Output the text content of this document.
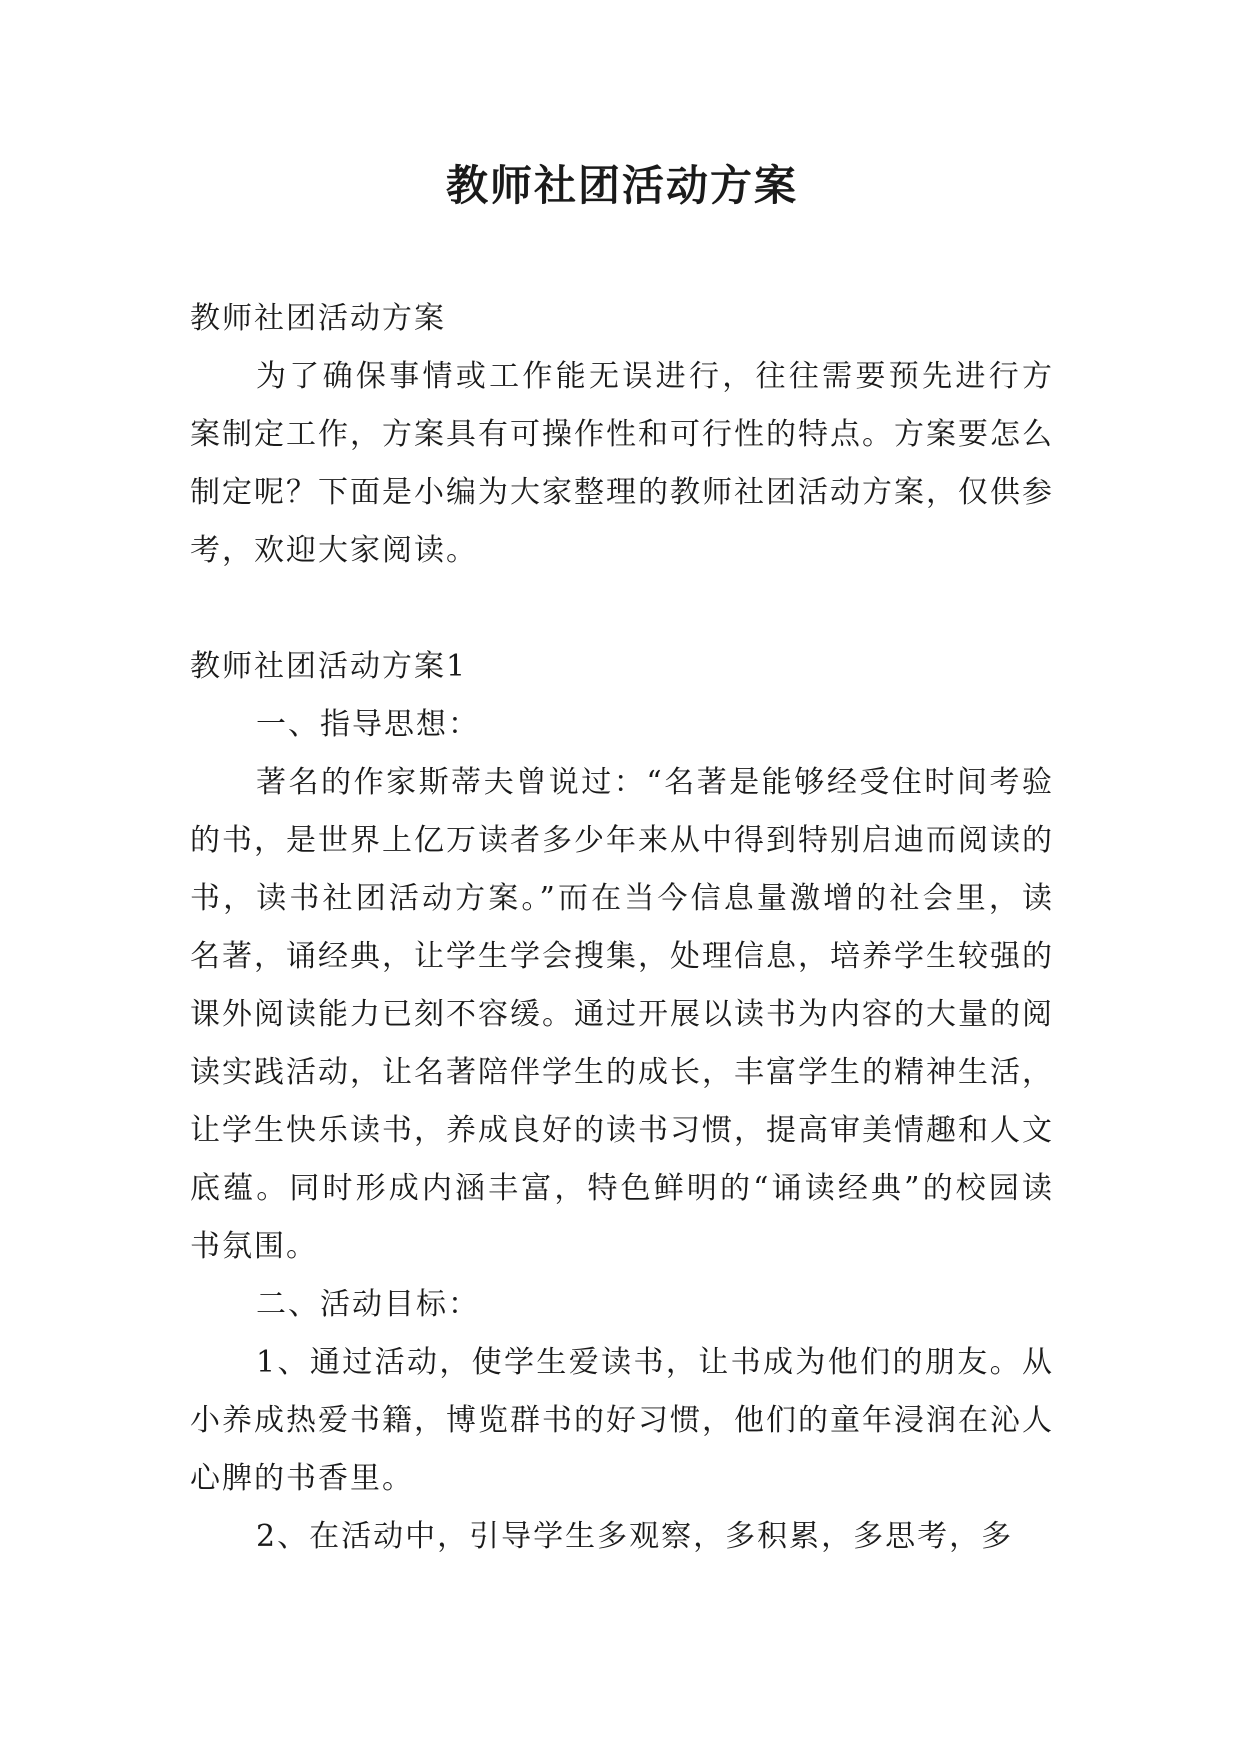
教师社团活动方案

教师社团活动方案

为了确保事情或工作能无误进行，往往需要预先进行方案制定工作，方案具有可操作性和可行性的特点。方案要怎么制定呢？下面是小编为大家整理的教师社团活动方案，仅供参考，欢迎大家阅读。

教师社团活动方案1

一、指导思想：

著名的作家斯蒂夫曾说过：“名著是能够经受住时间考验的书，是世界上亿万读者多少年来从中得到特别启迪而阅读的书，读书社团活动方案。”而在当今信息量激增的社会里，读名著，诵经典，让学生学会搜集，处理信息，培养学生较强的课外阅读能力已刻不容缓。通过开展以读书为内容的大量的阅读实践活动，让名著陪伴学生的成长，丰富学生的精神生活，让学生快乐读书，养成良好的读书习惯，提高审美情趣和人文底蕴。同时形成内涵丰富，特色鲜明的“诵读经典”的校园读书氛围。

二、活动目标：

1、通过活动，使学生爱读书，让书成为他们的朋友。从小养成热爱书籍，博览群书的好习惯，他们的童年浸润在沁人心脾的书香里。

2、在活动中，引导学生多观察，多积累，多思考，多
